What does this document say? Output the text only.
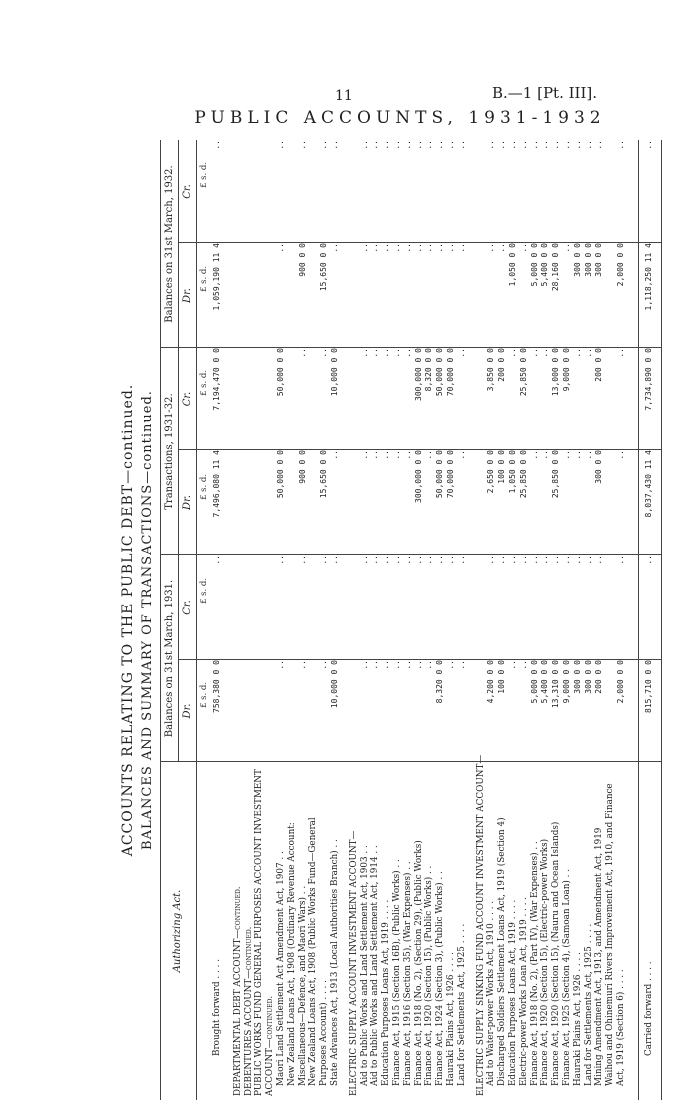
11	B.—1 [Pt. III].
PUBLIC ACCOUNTS, 1931-1932
ACCOUNTS RELATING TO THE PUBLIC DEBT—continued. BALANCES AND SUMMARY OF TRANSACTIONS—continued.
Authorizing Act.
Balances on 31st March, 1931.
Transactions, 1931-32.
Balances on 31st March, 1932.
Dr.
Cr.
Dr.
Cr.
Dr.
Cr.
£ s. d.
£ s. d.
£ s. d.
£ s. d.
£ s. d.
£ s. d.
Brought forward . . . .
758,380 0 0
..
7,496,080 11 4
7,194,470 0 0
1,059,190 11 4
..
DEPARTMENTAL DEBT ACCOUNT—continued. DEBENTURES ACCOUNT—continued. PUBLIC WORKS FUND GENERAL PURPOSES ACCOUNT INVESTMENT ACCOUNT—continued. Maori Land Settlement Act Amendment Act, 1907 . .
..
..
50,000 0 0
50,000 0 0
..
..
New Zealand Loans Act, 1908 (Ordinary Revenue Account: Miscellaneous—Defence, and Maori Wars) . .
..
..
900 0 0
..
900 0 0
..
New Zealand Loans Act, 1908 (Public Works Fund—General Purposes Account) . . . .
..
..
15,650 0 0
..
15,650 0 0
..
State Advances Act, 1913 (Local Authorities Branch) . .
10,000 0 0
..
..
10,000 0 0
..
..
ELECTRIC SUPPLY ACCOUNT INVESTMENT ACCOUNT— Aid to Public Works and Land Settlement Act, 1903 . .
..
..
..
..
..
..
Aid to Public Works and Land Settlement Act, 1914 . .
..
..
..
..
..
..
Education Purposes Loans Act, 1919 . . . .
..
..
..
..
..
..
Finance Act, 1915 (Section 16B), (Public Works) . .
..
..
..
..
..
..
Finance Act, 1916 (Section 35), (War Expenses) . .
..
..
..
..
..
..
Finance Act, 1918 (No. 2), (Section 29), (Public Works)
..
..
300,000 0 0
300,000 0 0
..
..
Finance Act, 1920 (Section 15), (Public Works) . .
..
..
..
8,320 0 0
..
..
Finance Act, 1924 (Section 3), (Public Works) . .
8,320 0 0
..
50,000 0 0
50,000 0 0
..
..
Hauraki Plains Act, 1926 . . . .
..
..
70,000 0 0
70,000 0 0
..
..
Land for Settlements Act, 1925 . . . .
..
..
..
..
..
..
ELECTRIC SUPPLY SINKING FUND ACCOUNT INVESTMENT ACCOUNT— Aid to Water-power Works Act, 1910 . . . .
4,200 0 0
..
2,650 0 0
3,850 0 0
..
..
Discharged Soldiers Settlement Loans Act, 1919 (Section 4)
100 0 0
..
100 0 0
200 0 0
..
..
Education Purposes Loans Act, 1919 . . . .
..
..
1,050 0 0
..
1,050 0 0
..
Electric-power Works Loan Act, 1919 . . . .
..
..
25,850 0 0
25,850 0 0
..
..
Finance Act, 1918 (No. 2), (Part IV), (War Expenses) . .
5,000 0 0
..
..
..
5,000 0 0
..
Finance Act, 1920 (Section 15), (Electric-power Works)
5,400 0 0
..
..
..
5,400 0 0
..
Finance Act, 1920 (Section 15), (Nauru and Ocean Islands)
13,310 0 0
..
25,850 0 0
13,000 0 0
28,160 0 0
..
Finance Act, 1925 (Section 4), (Samoan Loan) . .
9,000 0 0
..
..
9,000 0 0
..
..
Hauraki Plains Act, 1926 . . . .
300 0 0
..
..
..
300 0 0
..
Land for Settlements Act, 1925 . . . .
300 0 0
..
..
..
300 0 0
..
Mining Amendment Act, 1913, and Amendment Act, 1919
200 0 0
..
300 0 0
200 0 0
300 0 0
..
Waihou and Ohinemuri Rivers Improvement Act, 1910, and Finance Act, 1919 (Section 6) . . . .
2,000 0 0
..
..
..
2,000 0 0
..
Carried forward . . . .
815,710 0 0
..
8,037,430 11 4
7,734,890 0 0
1,118,250 11 4
..
